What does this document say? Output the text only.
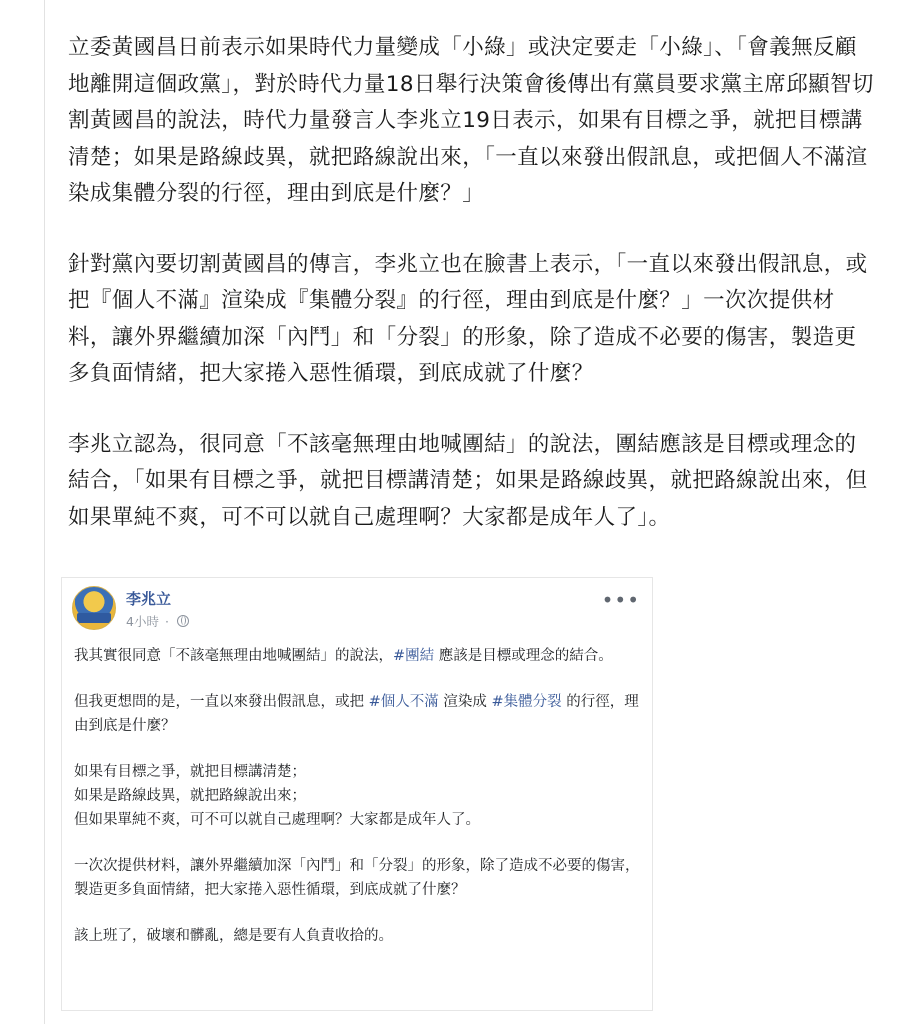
立委黃國昌日前表示如果時代力量變成「小綠」或決定要走「小綠」、「會義無反顧地離開這個政黨」，對於時代力量18日舉行決策會後傳出有黨員要求黨主席邱顯智切割黃國昌的說法，時代力量發言人李兆立19日表示，如果有目標之爭，就把目標講清楚；如果是路線歧異，就把路線說出來，「一直以來發出假訊息，或把個人不滿渲染成集體分裂的行徑，理由到底是什麼？」

針對黨內要切割黃國昌的傳言，李兆立也在臉書上表示，「一直以來發出假訊息，或把『個人不滿』渲染成『集體分裂』的行徑，理由到底是什麼？」一次次提供材料，讓外界繼續加深「內鬥」和「分裂」的形象，除了造成不必要的傷害，製造更多負面情緒，把大家捲入惡性循環，到底成就了什麼？

李兆立認為，很同意「不該毫無理由地喊團結」的說法，團結應該是目標或理念的結合，「如果有目標之爭，就把目標講清楚；如果是路線歧異，就把路線說出來，但如果單純不爽，可不可以就自己處理啊？大家都是成年人了」。

李兆立
4小時 ·
•••

我其實很同意「不該毫無理由地喊團結」的說法，#團結 應該是目標或理念的結合。

但我更想問的是，一直以來發出假訊息，或把 #個人不滿 渲染成 #集體分裂 的行徑，理由到底是什麼？

如果有目標之爭，就把目標講清楚；
如果是路線歧異，就把路線說出來；
但如果單純不爽，可不可以就自己處理啊？大家都是成年人了。

一次次提供材料，讓外界繼續加深「內鬥」和「分裂」的形象，除了造成不必要的傷害，製造更多負面情緒，把大家捲入惡性循環，到底成就了什麼？

該上班了，破壞和髒亂，總是要有人負責收拾的。
